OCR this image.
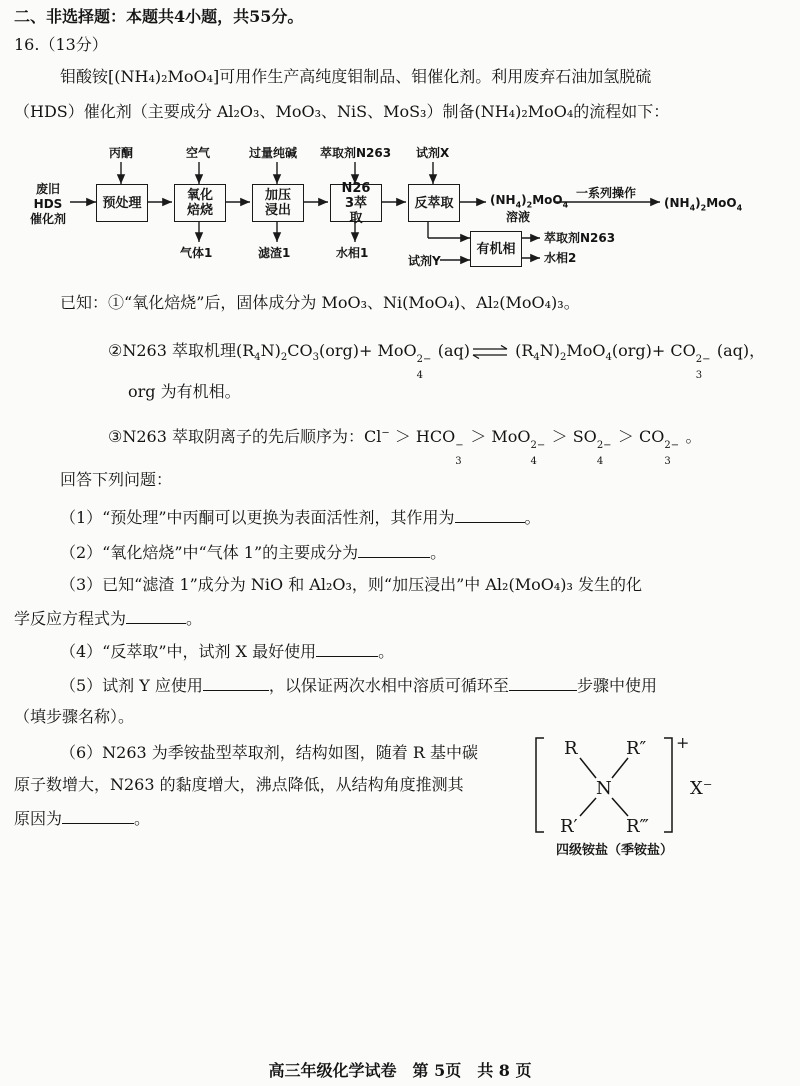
二、非选择题：本题共4小题，共55分。
16.（13分）
钼酸铵[(NH₄)₂MoO₄]可用作生产高纯度钼制品、钼催化剂。利用废弃石油加氢脱硫
（HDS）催化剂（主要成分 Al₂O₃、MoO₃、NiS、MoS₃）制备(NH₄)₂MoO₄的流程如下：
废旧
HDS
催化剂
丙酮	空气	过量纯碱 萃取剂N263 试剂X
预处理	氧化焙烧
加压浸出
N263萃取
反萃取	$(NH_4)_2MoO_4$
溶液
一系列操作
$(NH_4)_2MoO_4$
气体1	滤渣1	水相1	有机相
试剂Y
萃取剂N263
水相2
已知：①“氧化焙烧”后，固体成分为 MoO₃、Ni(MoO₄)、Al₂(MoO₄)₃。
②N263 萃取机理$(R_4N)_2CO_3(org)+$ MoO 2−
4
(aq)⇌ $(R_4N)_2MoO_4(org)+$ CO 2−
3
(aq)，
org 为有机相。
③N263 萃取阴离子的先后顺序为：Cl− ＞ HCO −
3
＞ MoO 2−
4
＞ SO 2−
4
＞ CO 2−
3
。
回答下列问题：
（1）“预处理”中丙酮可以更换为表面活性剂，其作用为	。
（2）“氧化焙烧”中“气体 1”的主要成分为	。
（3）已知“滤渣 1”成分为 NiO 和 Al₂O₃，则“加压浸出”中 Al₂(MoO₄)₃ 发生的化
学反应方程式为	。
（4）“反萃取”中，试剂 X 最好使用	。
（5）试剂 Y 应使用	，以保证两次水相中溶质可循环至	步骤中使用
（填步骤名称）。
（6）N263 为季铵盐型萃取剂，结构如图，随着 R 基中碳
原子数增大，N263 的黏度增大，沸点降低，从结构角度推测其
原因为	。
R	R″
N
R′	R‴
+
X⁻
四级铵盐（季铵盐）
高三年级化学试卷　第 5页　共 8 页
